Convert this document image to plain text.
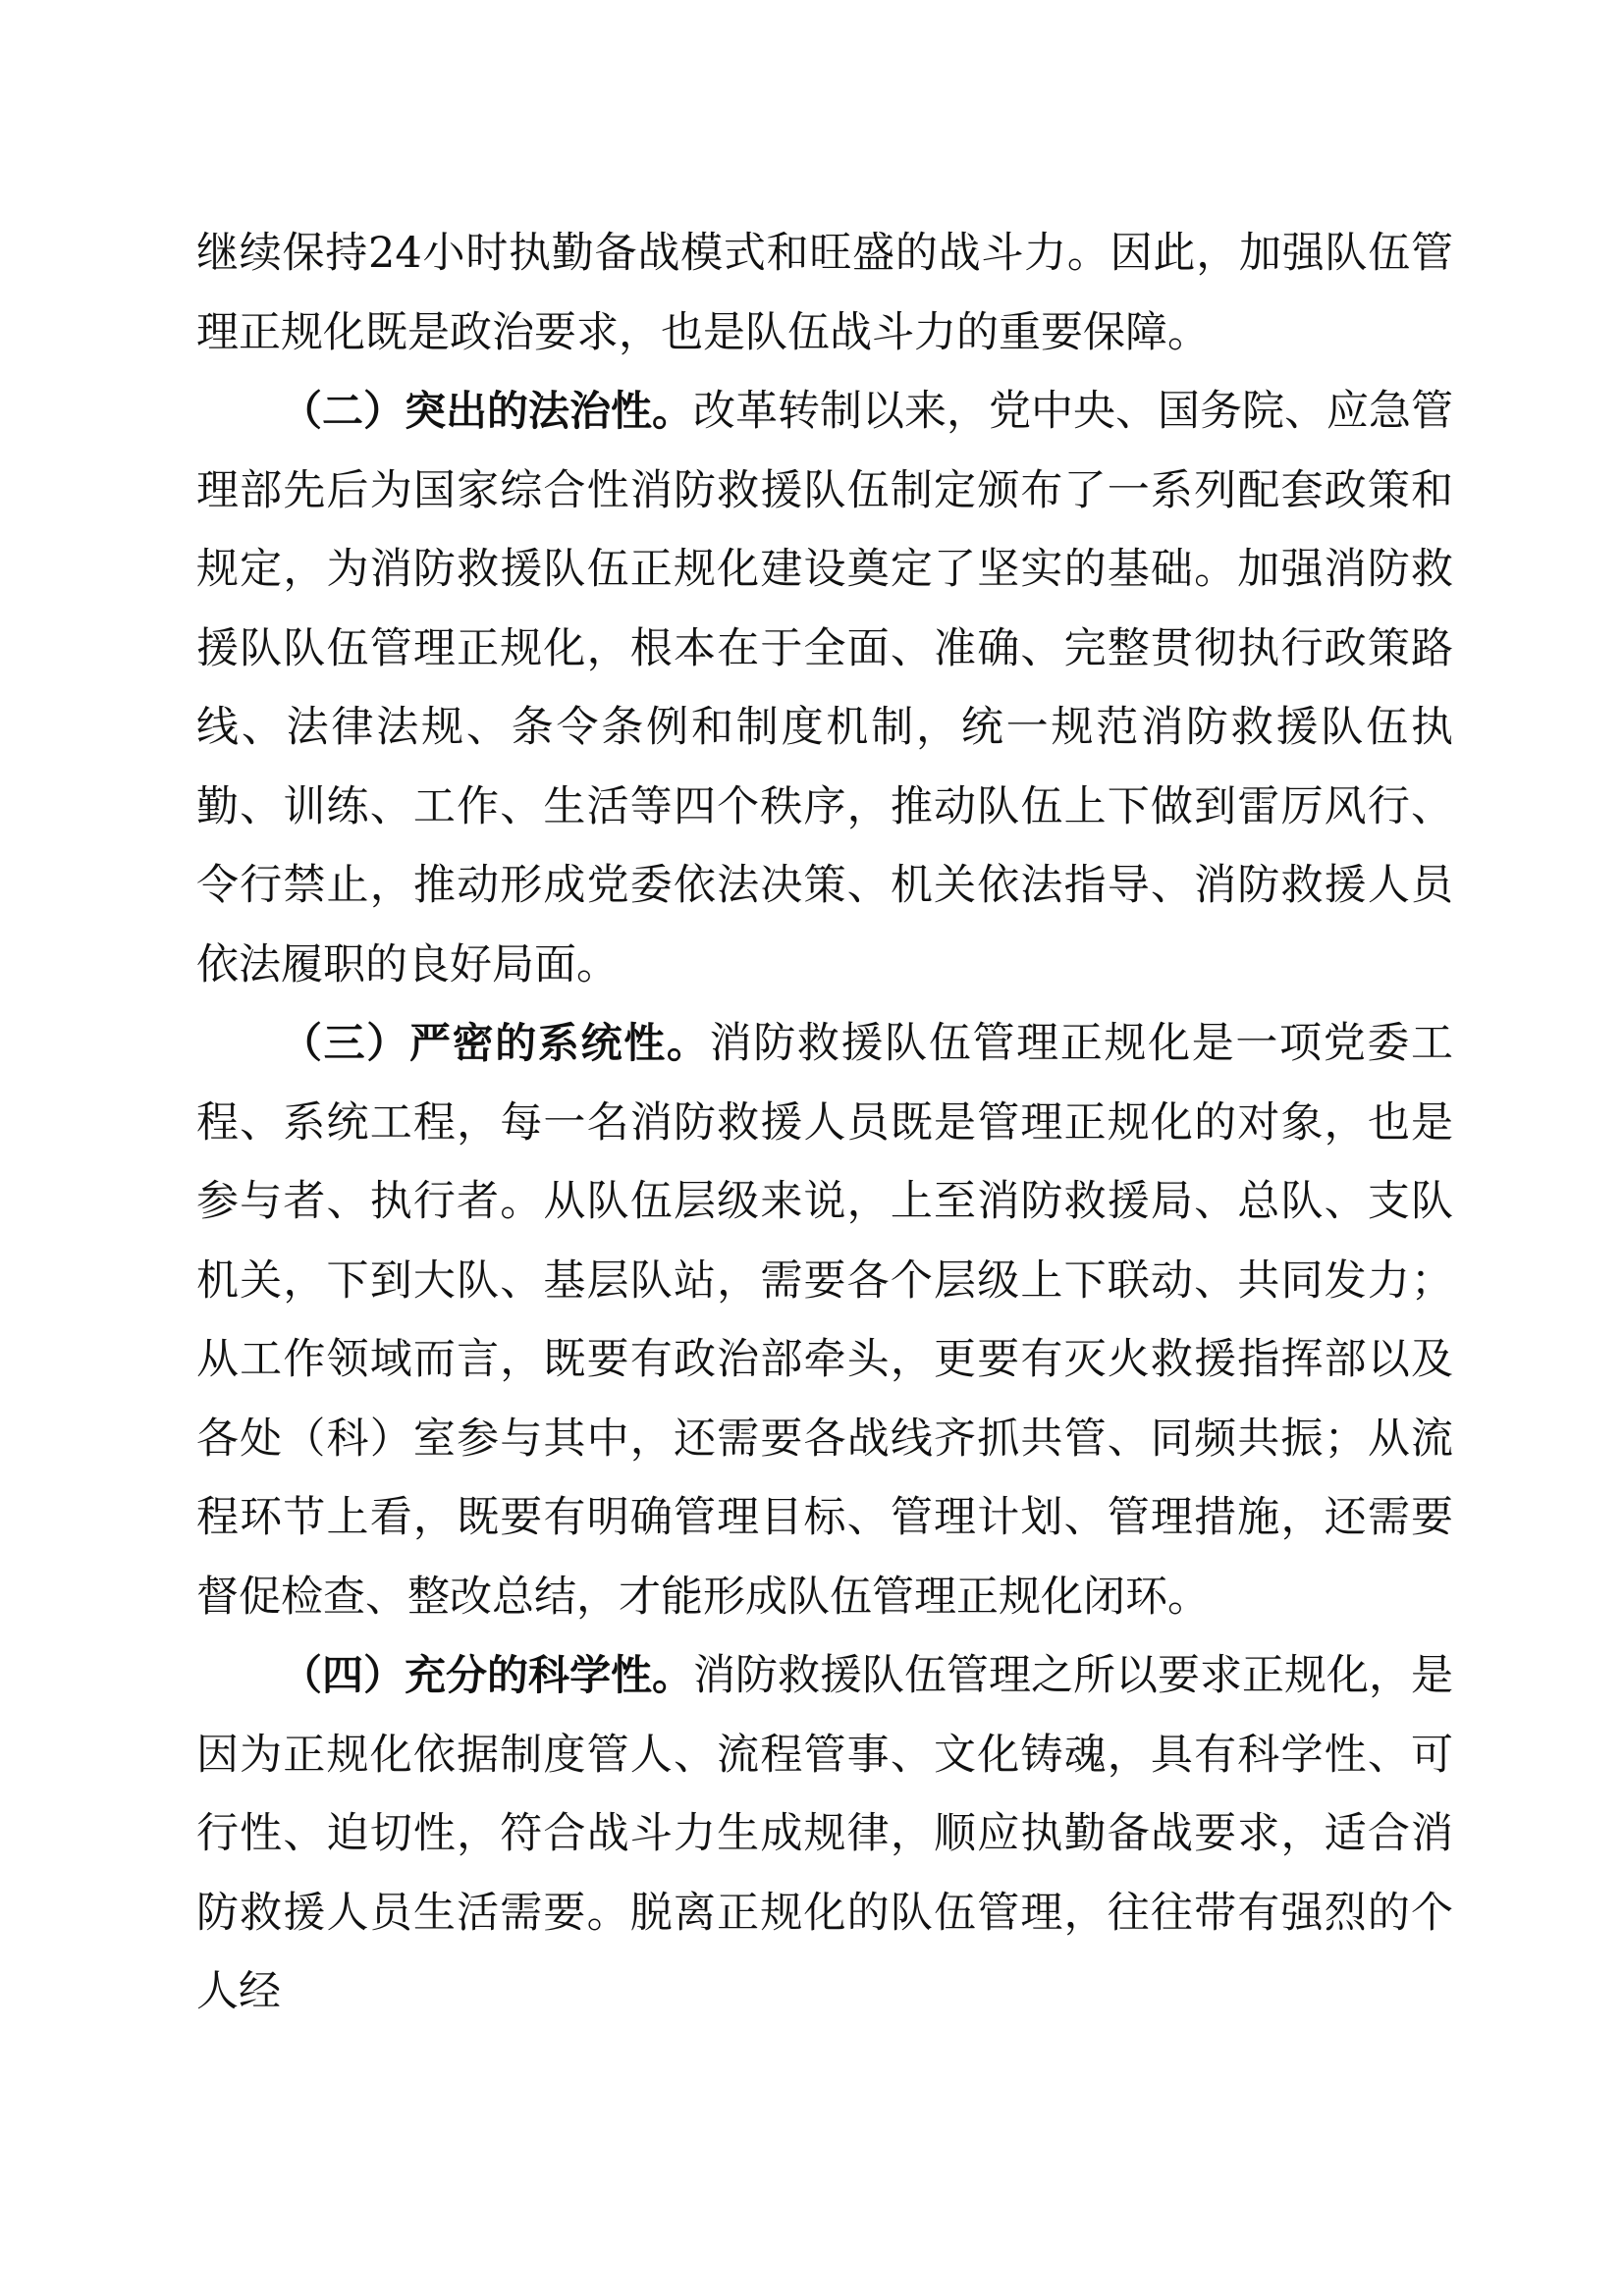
继续保持24小时执勤备战模式和旺盛的战斗力。因此，加强队伍管理正规化既是政治要求，也是队伍战斗力的重要保障。

（二）突出的法治性。改革转制以来，党中央、国务院、应急管理部先后为国家综合性消防救援队伍制定颁布了一系列配套政策和规定，为消防救援队伍正规化建设奠定了坚实的基础。加强消防救援队队伍管理正规化，根本在于全面、准确、完整贯彻执行政策路线、法律法规、条令条例和制度机制，统一规范消防救援队伍执勤、训练、工作、生活等四个秩序，推动队伍上下做到雷厉风行、令行禁止，推动形成党委依法决策、机关依法指导、消防救援人员依法履职的良好局面。

（三）严密的系统性。消防救援队伍管理正规化是一项党委工程、系统工程，每一名消防救援人员既是管理正规化的对象，也是参与者、执行者。从队伍层级来说，上至消防救援局、总队、支队机关，下到大队、基层队站，需要各个层级上下联动、共同发力；从工作领域而言，既要有政治部牵头，更要有灭火救援指挥部以及各处（科）室参与其中，还需要各战线齐抓共管、同频共振；从流程环节上看，既要有明确管理目标、管理计划、管理措施，还需要督促检查、整改总结，才能形成队伍管理正规化闭环。

（四）充分的科学性。消防救援队伍管理之所以要求正规化，是因为正规化依据制度管人、流程管事、文化铸魂，具有科学性、可行性、迫切性，符合战斗力生成规律，顺应执勤备战要求，适合消防救援人员生活需要。脱离正规化的队伍管理，往往带有强烈的个人经
